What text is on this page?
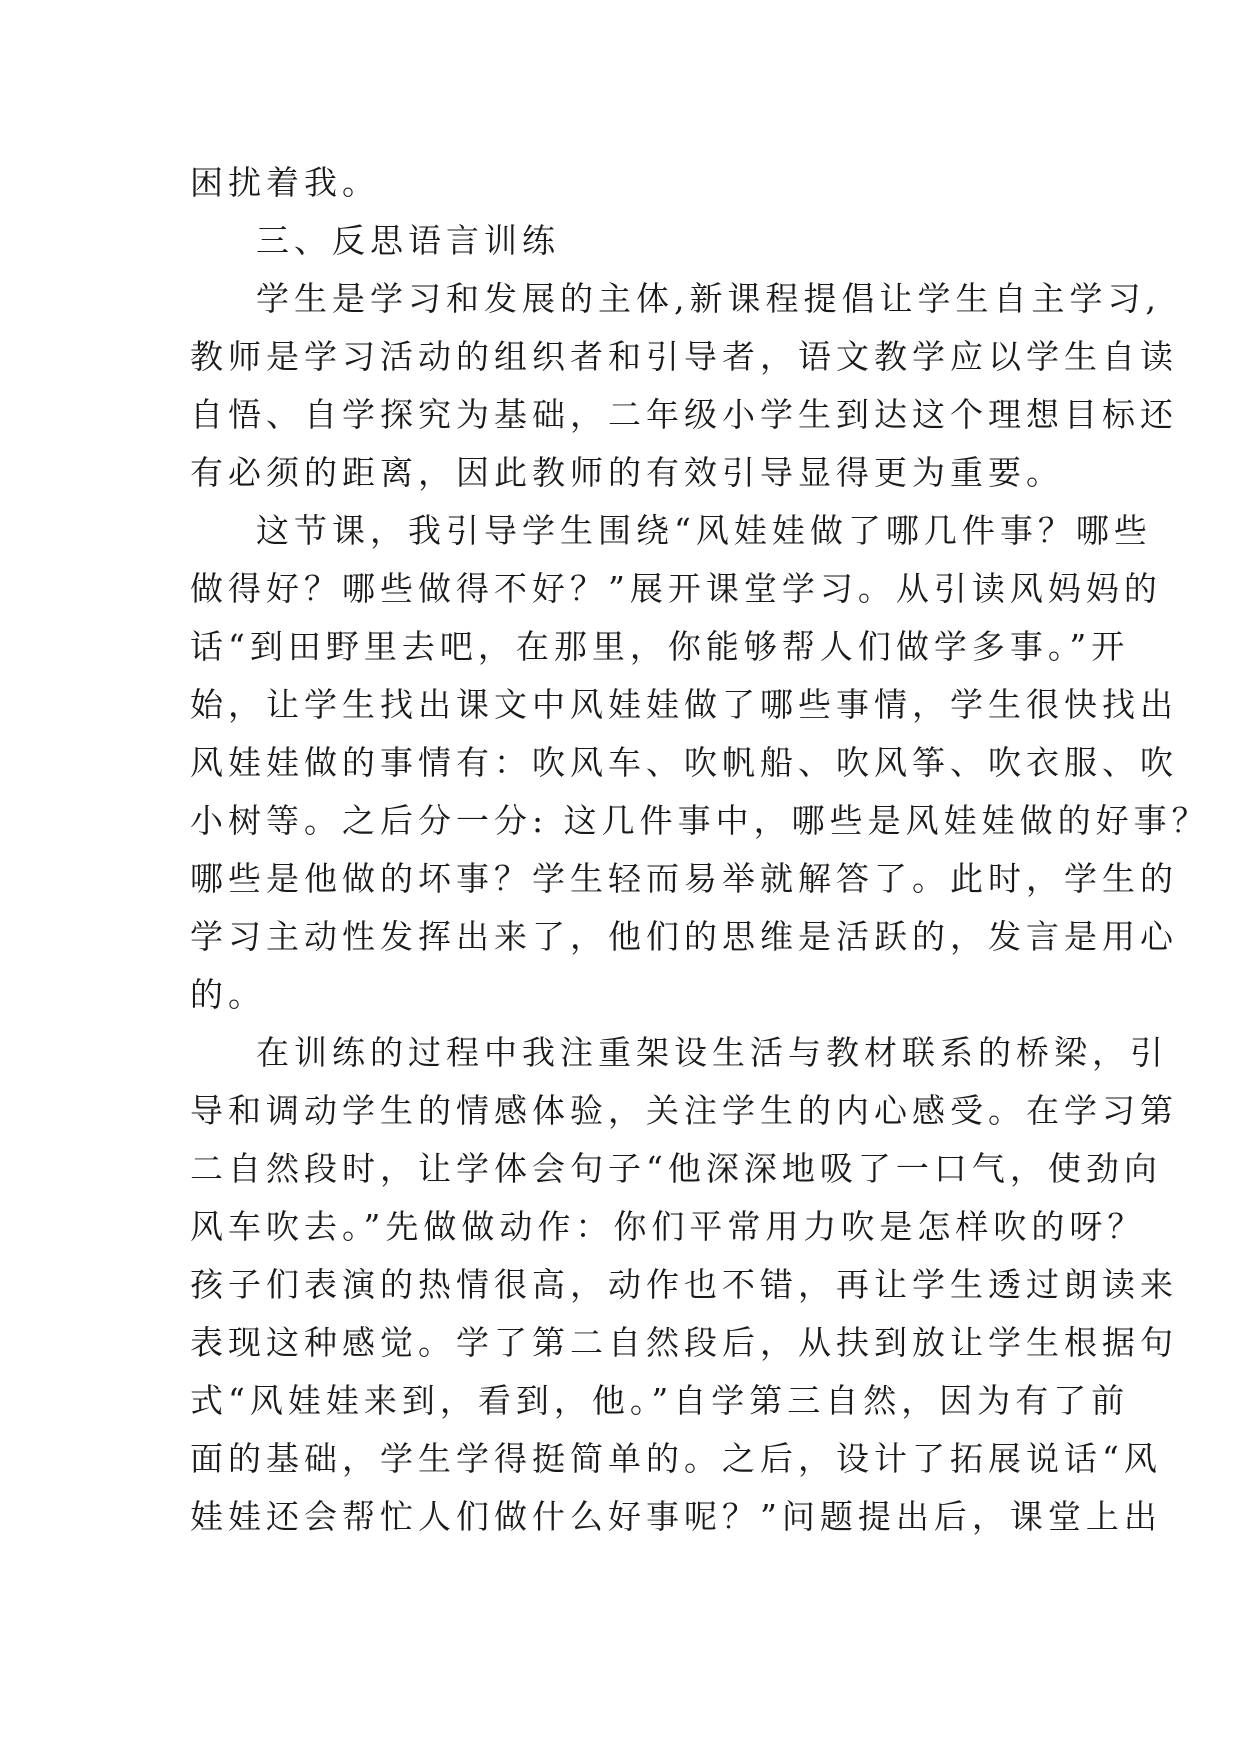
困扰着我。
三、反思语言训练
学生是学习和发展的主体,新课程提倡让学生自主学习,
教师是学习活动的组织者和引导者，语文教学应以学生自读
自悟、自学探究为基础，二年级小学生到达这个理想目标还
有必须的距离，因此教师的有效引导显得更为重要。
这节课，我引导学生围绕“风娃娃做了哪几件事？哪些
做得好？哪些做得不好？”展开课堂学习。从引读风妈妈的
话“到田野里去吧，在那里，你能够帮人们做学多事。”开
始，让学生找出课文中风娃娃做了哪些事情，学生很快找出
风娃娃做的事情有：吹风车、吹帆船、吹风筝、吹衣服、吹
小树等。之后分一分: 这几件事中，哪些是风娃娃做的好事？
哪些是他做的坏事？学生轻而易举就解答了。此时，学生的
学习主动性发挥出来了，他们的思维是活跃的，发言是用心
的。
在训练的过程中我注重架设生活与教材联系的桥梁，引
导和调动学生的情感体验，关注学生的内心感受。在学习第
二自然段时，让学体会句子“他深深地吸了一口气，使劲向
风车吹去。”先做做动作：你们平常用力吹是怎样吹的呀？
孩子们表演的热情很高，动作也不错，再让学生透过朗读来
表现这种感觉。学了第二自然段后，从扶到放让学生根据句
式“风娃娃来到，看到，他。”自学第三自然，因为有了前
面的基础，学生学得挺简单的。之后，设计了拓展说话“风
娃娃还会帮忙人们做什么好事呢？”问题提出后，课堂上出
